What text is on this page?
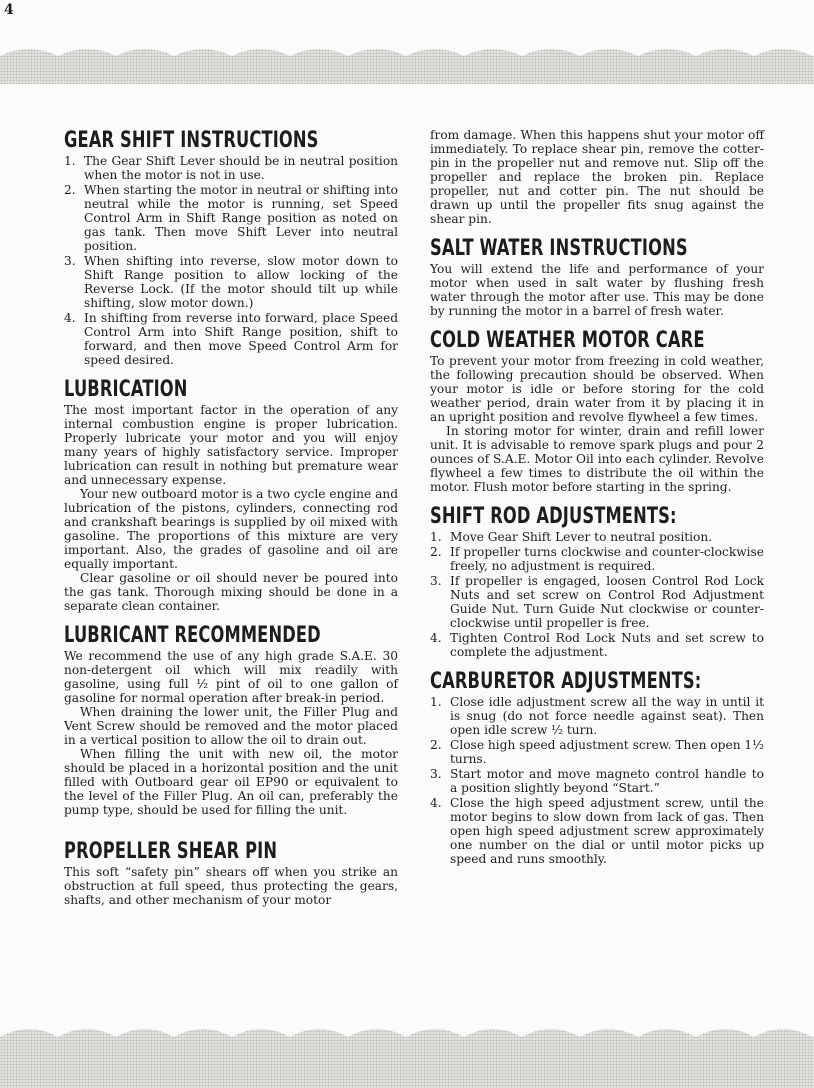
4
GEAR SHIFT INSTRUCTIONS
1. The Gear Shift Lever should be in neutral position when the motor is not in use.
2. When starting the motor in neutral or shifting into neutral while the motor is running, set Speed Control Arm in Shift Range position as noted on gas tank. Then move Shift Lever into neutral position.
3. When shifting into reverse, slow motor down to Shift Range position to allow locking of the Reverse Lock. (If the motor should tilt up while shifting, slow motor down.)
4. In shifting from reverse into forward, place Speed Control Arm into Shift Range position, shift to forward, and then move Speed Control Arm for speed desired.
LUBRICATION

The most important factor in the operation of any internal combustion engine is proper lubrication. Properly lubricate your motor and you will enjoy many years of highly satisfactory service. Improper lubrication can result in nothing but premature wear and unnecessary expense.

Your new outboard motor is a two cycle engine and lubrication of the pistons, cylinders, connecting rod and crankshaft bearings is supplied by oil mixed with gasoline. The proportions of this mixture are very important. Also, the grades of gasoline and oil are equally important.

Clear gasoline or oil should never be poured into the gas tank. Thorough mixing should be done in a separate clean container.

LUBRICANT RECOMMENDED

We recommend the use of any high grade S.A.E. 30 non-detergent oil which will mix readily with gasoline, using full ½ pint of oil to one gallon of gasoline for normal operation after break-in period.

When draining the lower unit, the Filler Plug and Vent Screw should be removed and the motor placed in a vertical position to allow the oil to drain out.

When filling the unit with new oil, the motor should be placed in a horizontal position and the unit filled with Outboard gear oil EP90 or equivalent to the level of the Filler Plug. An oil can, preferably the pump type, should be used for filling the unit.

PROPELLER SHEAR PIN

This soft “safety pin” shears off when you strike an obstruction at full speed, thus protecting the gears, shafts, and other mechanism of your motor

from damage. When this happens shut your motor off immediately. To replace shear pin, remove the cotter-pin in the propeller nut and remove nut. Slip off the propeller and replace the broken pin. Replace propeller, nut and cotter pin. The nut should be drawn up until the propeller fits snug against the shear pin.

SALT WATER INSTRUCTIONS

You will extend the life and performance of your motor when used in salt water by flushing fresh water through the motor after use. This may be done by running the motor in a barrel of fresh water.

COLD WEATHER MOTOR CARE

To prevent your motor from freezing in cold weather, the following precaution should be observed. When your motor is idle or before storing for the cold weather period, drain water from it by placing it in an upright position and revolve flywheel a few times.

In storing motor for winter, drain and refill lower unit. It is advisable to remove spark plugs and pour 2 ounces of S.A.E. Motor Oil into each cylinder. Revolve flywheel a few times to distribute the oil within the motor. Flush motor before starting in the spring.

SHIFT ROD ADJUSTMENTS:
1. Move Gear Shift Lever to neutral position.
2. If propeller turns clockwise and counter-clockwise freely, no adjustment is required.
3. If propeller is engaged, loosen Control Rod Lock Nuts and set screw on Control Rod Adjustment Guide Nut. Turn Guide Nut clockwise or counter-clockwise until propeller is free.
4. Tighten Control Rod Lock Nuts and set screw to complete the adjustment.
CARBURETOR ADJUSTMENTS:
1. Close idle adjustment screw all the way in until it is snug (do not force needle against seat). Then open idle screw ½ turn.
2. Close high speed adjustment screw. Then open 1½ turns.
3. Start motor and move magneto control handle to a position slightly beyond “Start.”
4. Close the high speed adjustment screw, until the motor begins to slow down from lack of gas. Then open high speed adjustment screw approximately one number on the dial or until motor picks up speed and runs smoothly.
